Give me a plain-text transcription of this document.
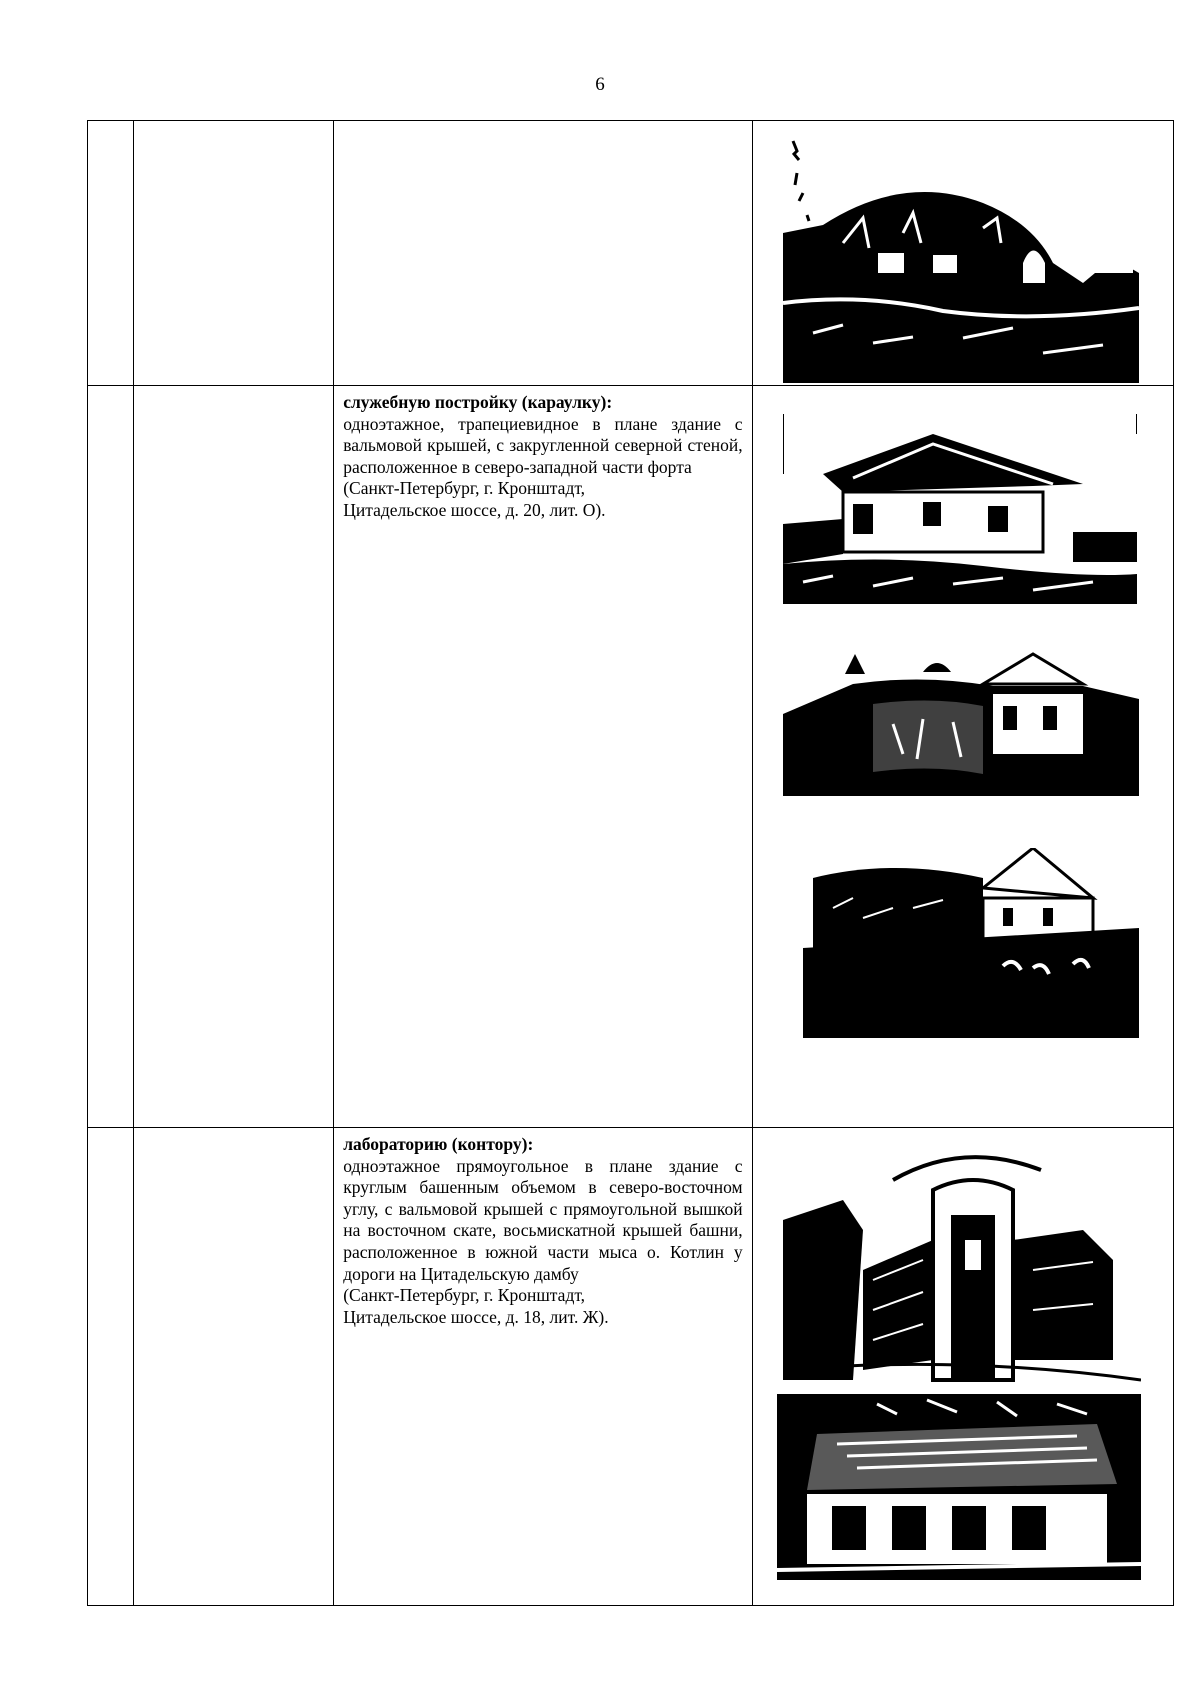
6

		служебную постройку (караулку):
одноэтажное, трапециевидное в плане здание с вальмовой крышей, с закругленной северной стеной, расположенное в северо-западной части форта
(Санкт-Петербург, г. Кронштадт,
Цитадельское шоссе, д. 20, лит. О).

		лабораторию (контору):
одноэтажное прямоугольное в плане здание с круглым башенным объемом в северо-восточном углу, с вальмовой крышей с прямоугольной вышкой на восточном скате, восьмискатной крышей башни, расположенное в южной части мыса о. Котлин у дороги на Цитадельскую дамбу
(Санкт-Петербург, г. Кронштадт,
Цитадельское шоссе, д. 18, лит. Ж).
